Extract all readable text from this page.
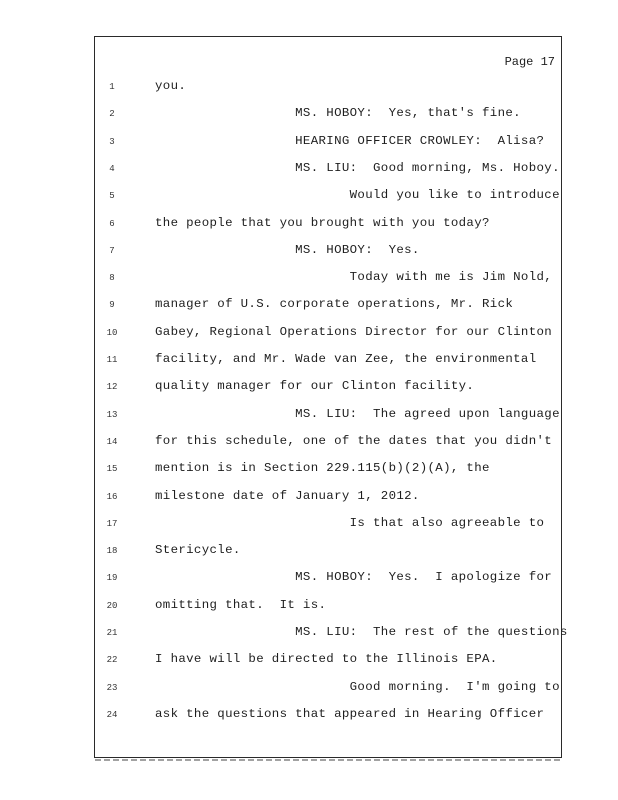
Page 17
1	you.
2	MS. HOBOY:  Yes, that's fine.
3	HEARING OFFICER CROWLEY:  Alisa?
4	MS. LIU:  Good morning, Ms. Hoboy.
5	Would you like to introduce
6	the people that you brought with you today?
7	MS. HOBOY:  Yes.
8	Today with me is Jim Nold,
9	manager of U.S. corporate operations, Mr. Rick
10	Gabey, Regional Operations Director for our Clinton
11	facility, and Mr. Wade van Zee, the environmental
12	quality manager for our Clinton facility.
13	MS. LIU:  The agreed upon language
14	for this schedule, one of the dates that you didn't
15	mention is in Section 229.115(b)(2)(A), the
16	milestone date of January 1, 2012.
17	Is that also agreeable to
18	Stericycle.
19	MS. HOBOY:  Yes.  I apologize for
20	omitting that.  It is.
21	MS. LIU:  The rest of the questions
22	I have will be directed to the Illinois EPA.
23	Good morning.  I'm going to
24	ask the questions that appeared in Hearing Officer
